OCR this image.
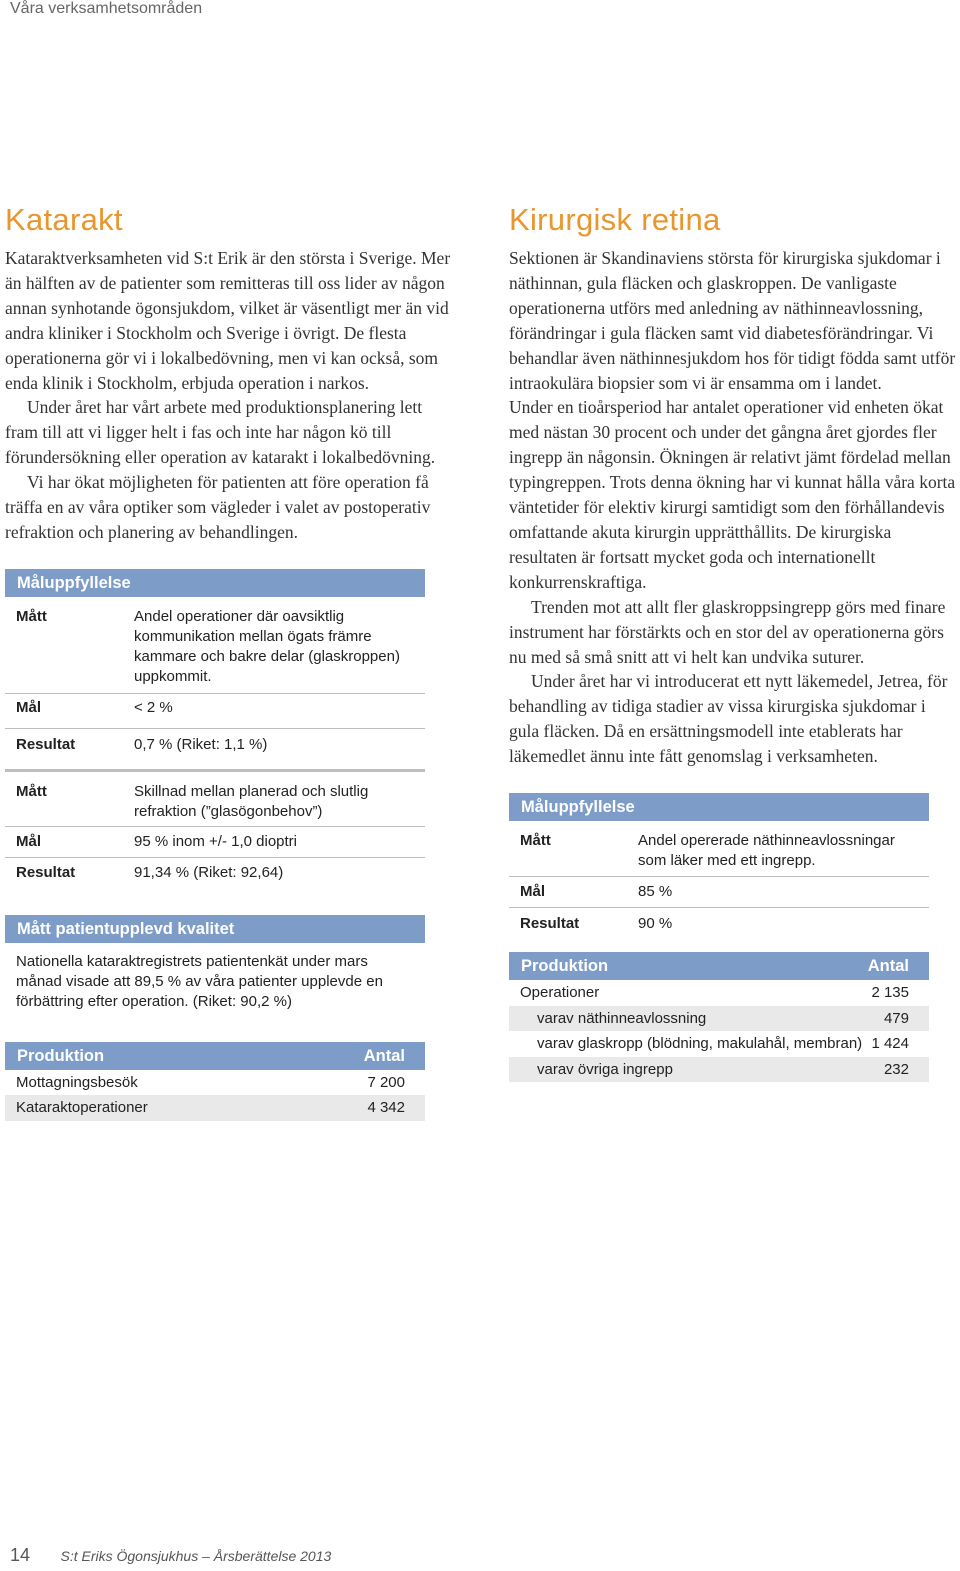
Våra verksamhetsområden
Katarakt

Kataraktverksamheten vid S:t Erik är den största i Sverige. Mer än hälften av de patienter som remitteras till oss lider av någon annan synhotande ögonsjukdom, vilket är väsentligt mer än vid andra kliniker i Stockholm och Sverige i övrigt. De flesta operationerna gör vi i lokalbedövning, men vi kan också, som enda klinik i Stockholm, erbjuda operation i narkos.

Under året har vårt arbete med produktionsplanering lett fram till att vi ligger helt i fas och inte har någon kö till förundersökning eller operation av katarakt i lokalbedövning.

Vi har ökat möjligheten för patienten att före operation få träffa en av våra optiker som vägleder i valet av postoperativ refraktion och planering av behandlingen.

Måluppfyllelse
Mått	Andel operationer där oavsiktlig kommunikation mellan ögats främre kammare och bakre delar (glaskroppen) uppkommit.
Mål	< 2 %
Resultat	0,7 % (Riket: 1,1 %)
Mått	Skillnad mellan planerad och slutlig refraktion (”glasögonbehov”)
Mål	95 % inom +/- 1,0 dioptri
Resultat	91,34 % (Riket: 92,64)
Mått patientupplevd kvalitet
Nationella kataraktregistrets patientenkät under mars månad visade att 89,5 % av våra patienter upplevde en förbättring efter operation. (Riket: 90,2 %)
Produktion	Antal
Mottagningsbesök	7 200
Kataraktoperationer	4 342
Kirurgisk retina

Sektionen är Skandinaviens största för kirurgiska sjukdomar i näthinnan, gula fläcken och glaskroppen. De vanligaste operationerna utförs med anledning av näthinneavlossning, förändringar i gula fläcken samt vid diabetesförändringar. Vi behandlar även näthinnesjukdom hos för tidigt födda samt utför intraokulära biopsier som vi är ensamma om i landet.

Under en tioårsperiod har antalet operationer vid enheten ökat med nästan 30 procent och under det gångna året gjordes fler ingrepp än någonsin. Ökningen är relativt jämt fördelad mellan typingreppen. Trots denna ökning har vi kunnat hålla våra korta väntetider för elektiv kirurgi samtidigt som den förhållandevis omfattande akuta kirurgin upprätthållits. De kirurgiska resultaten är fortsatt mycket goda och internationellt konkurrenskraftiga.

Trenden mot att allt fler glaskroppsingrepp görs med finare instrument har förstärkts och en stor del av operationerna görs nu med så små snitt att vi helt kan undvika suturer.

Under året har vi introducerat ett nytt läkemedel, Jetrea, för behandling av tidiga stadier av vissa kirurgiska sjukdomar i gula fläcken. Då en ersättningsmodell inte etablerats har läkemedlet ännu inte fått genomslag i verksamheten.

Måluppfyllelse
Mått	Andel opererade näthinneavlossningar som läker med ett ingrepp.
Mål	85 %
Resultat	90 %
Produktion	Antal
Operationer	2 135
varav näthinneavlossning	479
varav glaskropp (blödning, makulahål, membran) 1 424
varav övriga ingrepp	232
14 S:t Eriks Ögonsjukhus – Årsberättelse 2013
